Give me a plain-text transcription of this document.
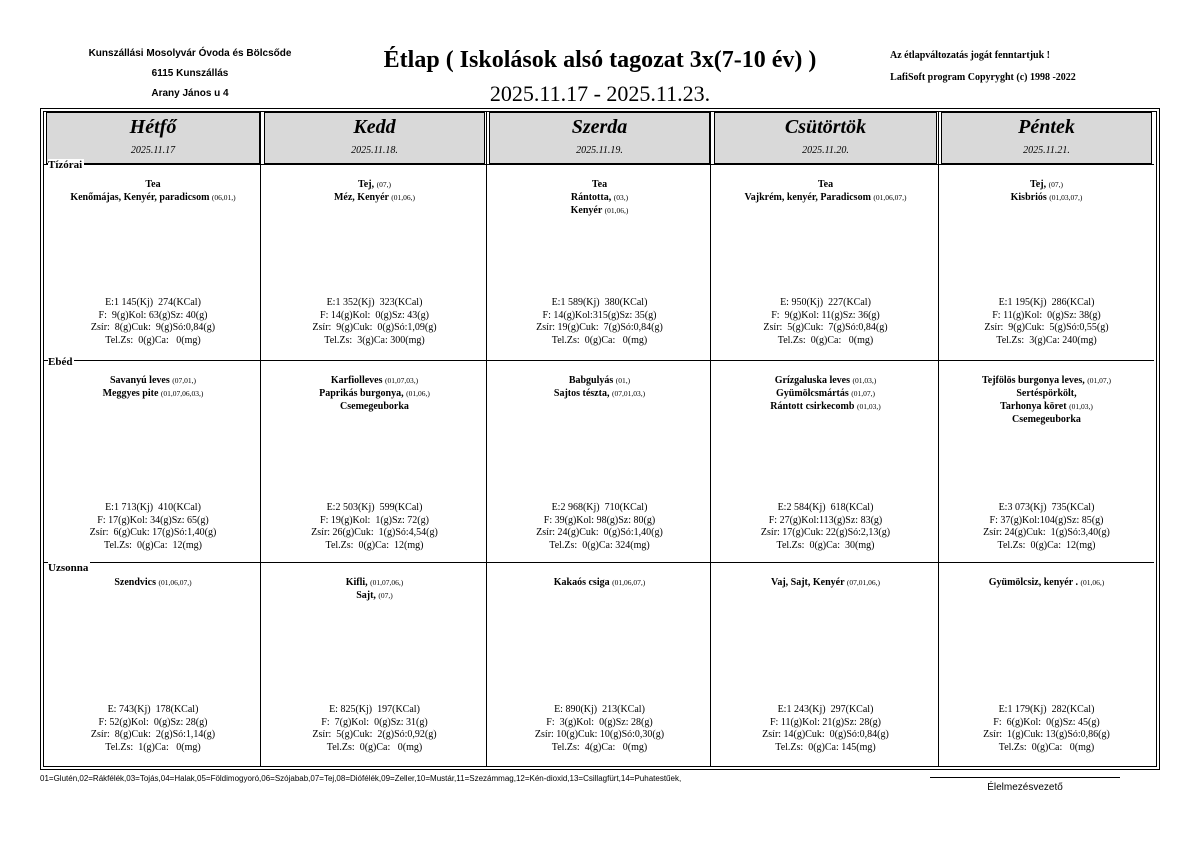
Kunszállási Mosolyvár Óvoda és Bölcsőde
6115 Kunszállás
Arany János u 4
Étlap ( Iskolások alsó tagozat 3x(7-10 év) )
2025.11.17 - 2025.11.23.
Az étlapváltozatás jogát fenntartjuk !
LafiSoft program Copyryght (c) 1998 -2022
Hétfő
2025.11.17
Kedd
2025.11.18.
Szerda
2025.11.19.
Csütörtök
2025.11.20.
Péntek
2025.11.21.
Tízórai
Tea
Kenőmájas, Kenyér, paradicsom (06,01,)
E:1 145(Kj)  274(KCal)
F:  9(g)Kol: 63(g)Sz: 40(g)
Zsír:  8(g)Cuk:  9(g)Só:0,84(g)
Tel.Zs:  0(g)Ca:   0(mg)
Tej, (07,)
Méz, Kenyér (01,06,)
E:1 352(Kj)  323(KCal)
F: 14(g)Kol:  0(g)Sz: 43(g)
Zsír:  9(g)Cuk:  0(g)Só:1,09(g)
Tel.Zs:  3(g)Ca: 300(mg)
Tea
Rántotta, (03,)
Kenyér (01,06,)
E:1 589(Kj)  380(KCal)
F: 14(g)Kol:315(g)Sz: 35(g)
Zsír: 19(g)Cuk:  7(g)Só:0,84(g)
Tel.Zs:  0(g)Ca:   0(mg)
Tea
Vajkrém, kenyér, Paradicsom (01,06,07,)
E: 950(Kj)  227(KCal)
F:  9(g)Kol: 11(g)Sz: 36(g)
Zsír:  5(g)Cuk:  7(g)Só:0,84(g)
Tel.Zs:  0(g)Ca:   0(mg)
Tej, (07,)
Kisbriós (01,03,07,)
E:1 195(Kj)  286(KCal)
F: 11(g)Kol:  0(g)Sz: 38(g)
Zsír:  9(g)Cuk:  5(g)Só:0,55(g)
Tel.Zs:  3(g)Ca: 240(mg)
Ebéd
Savanyú leves (07,01,)
Meggyes pite (01,07,06,03,)
E:1 713(Kj)  410(KCal)
F: 17(g)Kol: 34(g)Sz: 65(g)
Zsír:  6(g)Cuk: 17(g)Só:1,40(g)
Tel.Zs:  0(g)Ca:  12(mg)
Karfiolleves (01,07,03,)
Paprikás burgonya, (01,06,)
Csemegeuborka
E:2 503(Kj)  599(KCal)
F: 19(g)Kol:  1(g)Sz: 72(g)
Zsír: 26(g)Cuk:  1(g)Só:4,54(g)
Tel.Zs:  0(g)Ca:  12(mg)
Babgulyás (01,)
Sajtos tészta, (07,01,03,)
E:2 968(Kj)  710(KCal)
F: 39(g)Kol: 98(g)Sz: 80(g)
Zsír: 24(g)Cuk:  0(g)Só:1,40(g)
Tel.Zs:  0(g)Ca: 324(mg)
Grízgaluska leves (01,03,)
Gyümölcsmártás (01,07,)
Rántott csirkecomb (01,03,)
E:2 584(Kj)  618(KCal)
F: 27(g)Kol:113(g)Sz: 83(g)
Zsír: 17(g)Cuk: 22(g)Só:2,13(g)
Tel.Zs:  0(g)Ca:  30(mg)
Tejfölös burgonya leves, (01,07,)
Sertéspörkölt,
Tarhonya köret (01,03,)
Csemegeuborka
E:3 073(Kj)  735(KCal)
F: 37(g)Kol:104(g)Sz: 85(g)
Zsír: 24(g)Cuk:  1(g)Só:3,40(g)
Tel.Zs:  0(g)Ca:  12(mg)
Uzsonna
Szendvics (01,06,07,)
E: 743(Kj)  178(KCal)
F: 52(g)Kol:  0(g)Sz: 28(g)
Zsír:  8(g)Cuk:  2(g)Só:1,14(g)
Tel.Zs:  1(g)Ca:   0(mg)
Kifli, (01,07,06,)
Sajt, (07,)
E: 825(Kj)  197(KCal)
F:  7(g)Kol:  0(g)Sz: 31(g)
Zsír:  5(g)Cuk:  2(g)Só:0,92(g)
Tel.Zs:  0(g)Ca:   0(mg)
Kakaós csiga (01,06,07,)
E: 890(Kj)  213(KCal)
F:  3(g)Kol:  0(g)Sz: 28(g)
Zsír: 10(g)Cuk: 10(g)Só:0,30(g)
Tel.Zs:  4(g)Ca:   0(mg)
Vaj, Sajt, Kenyér (07,01,06,)
E:1 243(Kj)  297(KCal)
F: 11(g)Kol: 21(g)Sz: 28(g)
Zsír: 14(g)Cuk:  0(g)Só:0,84(g)
Tel.Zs:  0(g)Ca: 145(mg)
Gyümölcsiz, kenyér . (01,06,)
E:1 179(Kj)  282(KCal)
F:  6(g)Kol:  0(g)Sz: 45(g)
Zsír:  1(g)Cuk: 13(g)Só:0,86(g)
Tel.Zs:  0(g)Ca:   0(mg)
01=Glutén,02=Rákfélék,03=Tojás,04=Halak,05=Földimogyoró,06=Szójabab,07=Tej,08=Diófélék,09=Zeller,10=Mustár,11=Szezámmag,12=Kén-dioxid,13=Csillagfürt,14=Puhatestűek,
Élelmezésvezető
